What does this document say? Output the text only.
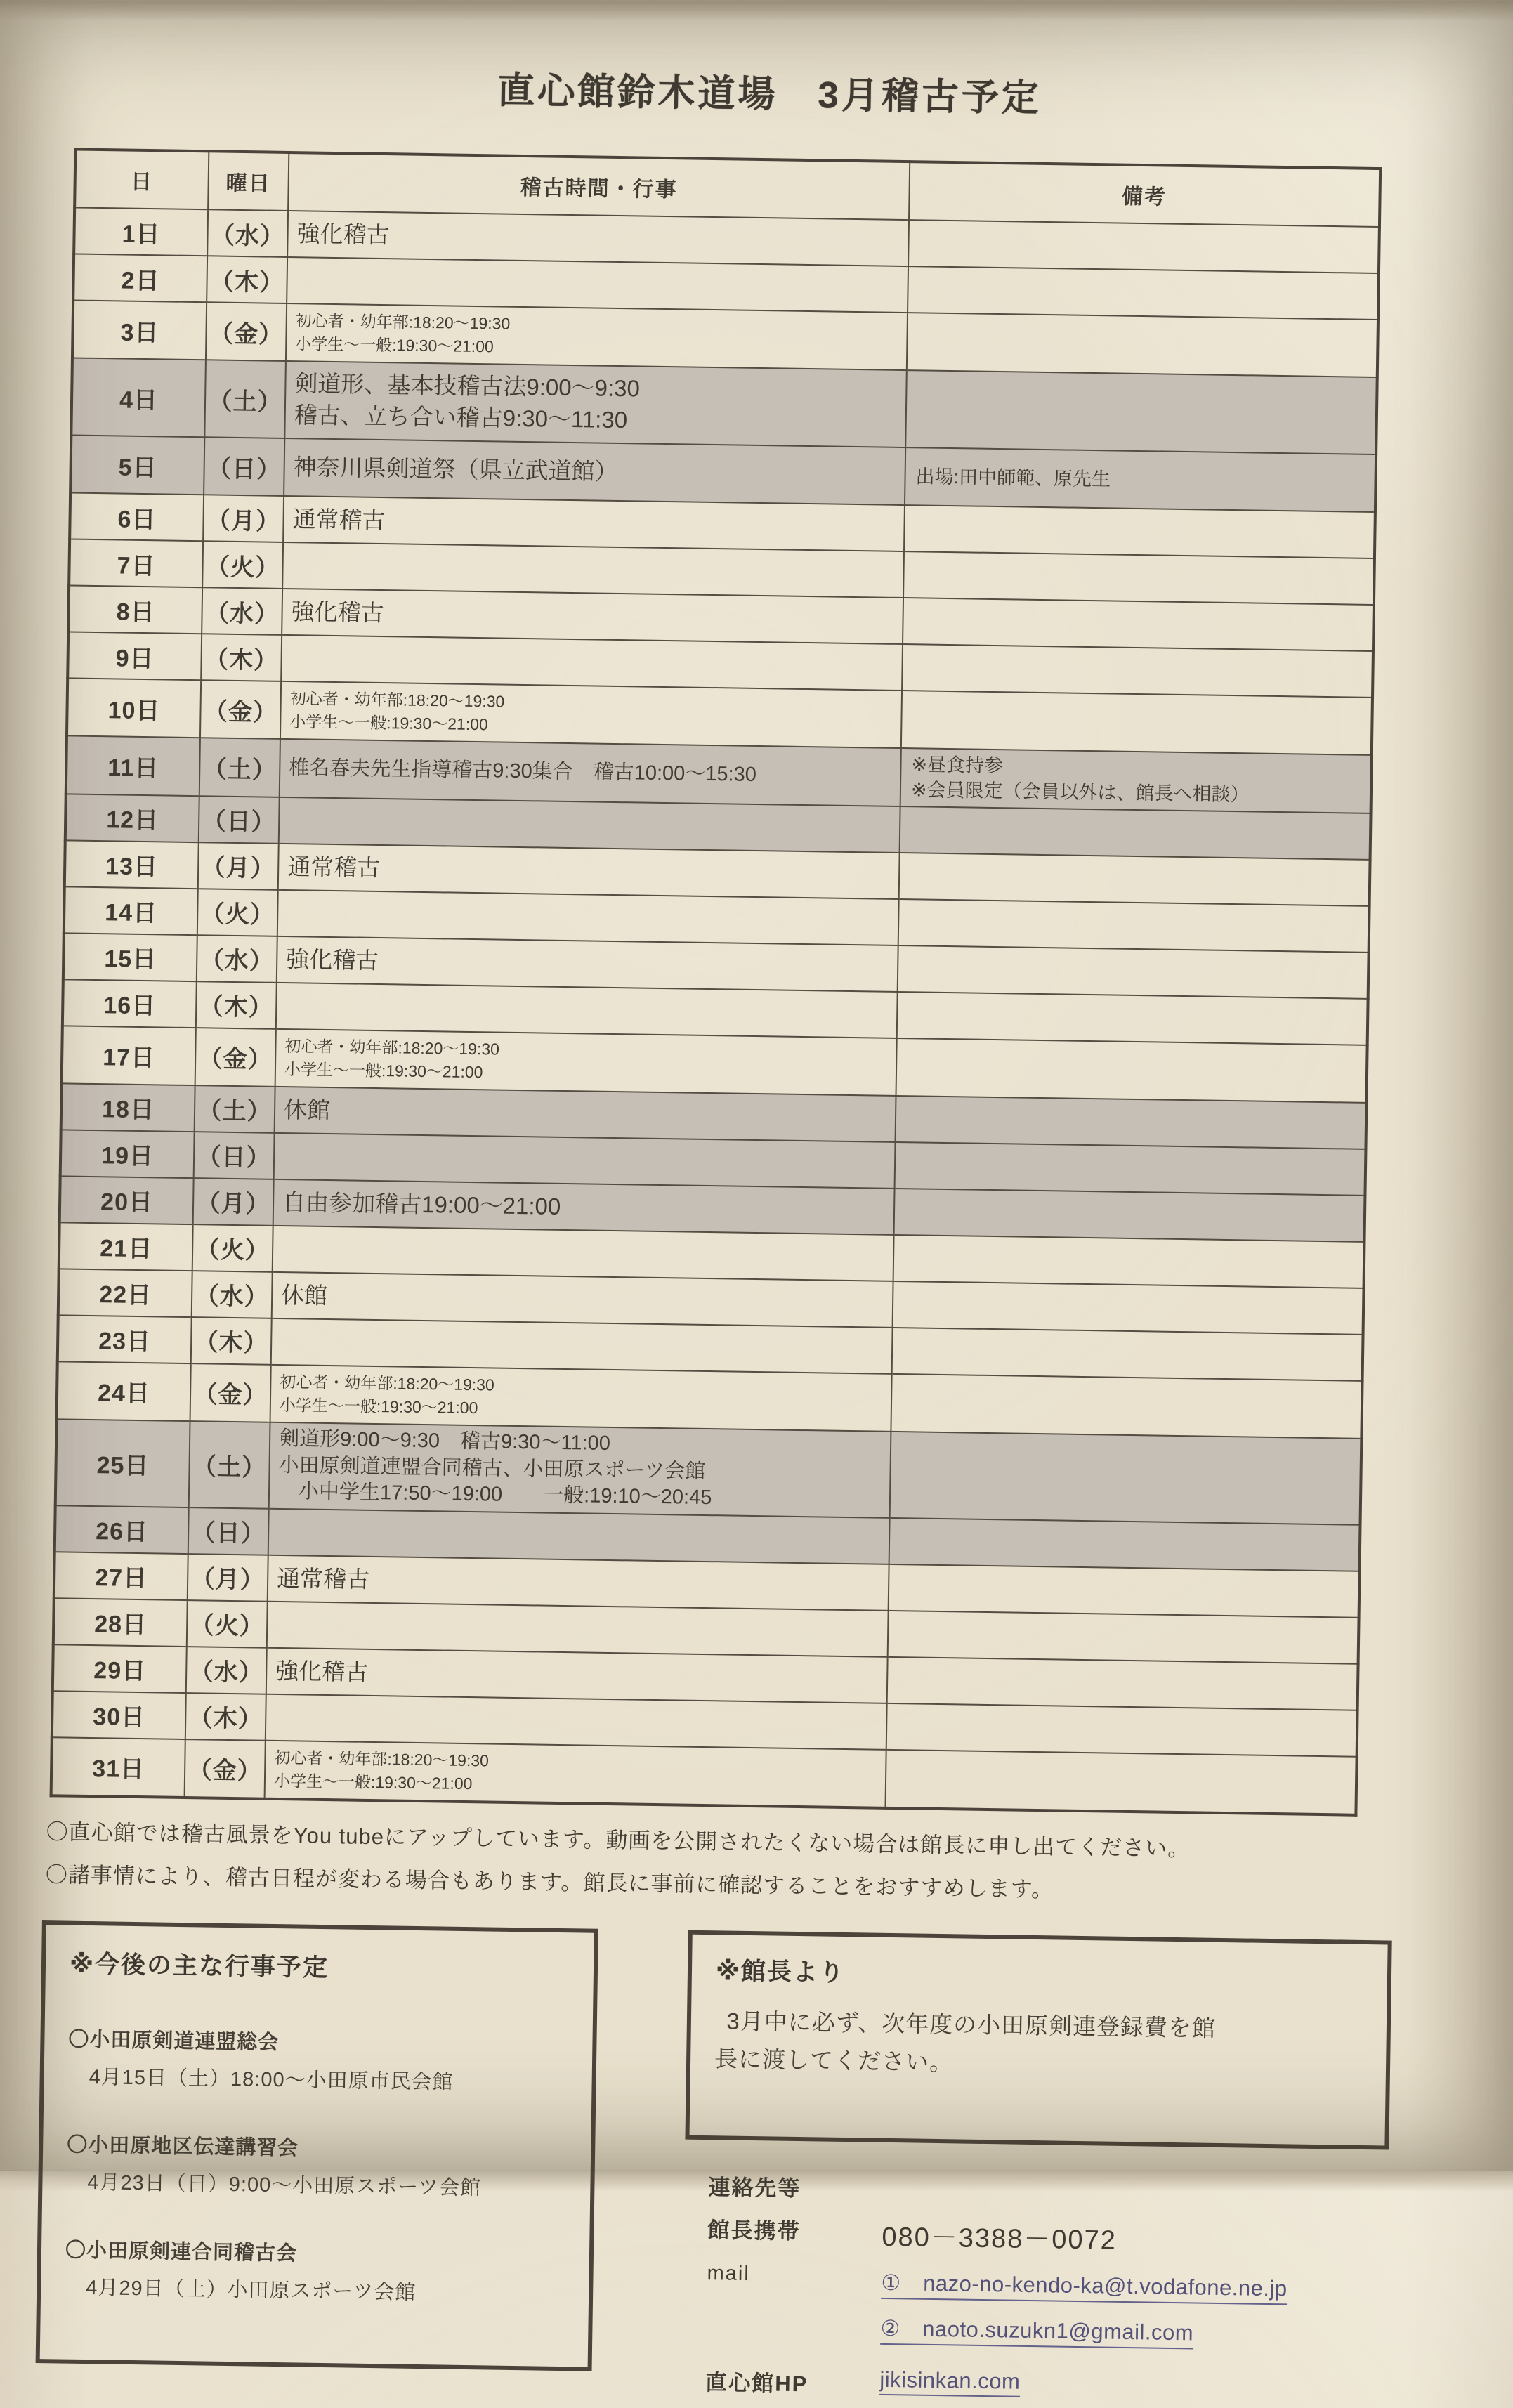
直心館鈴木道場　3月稽古予定
日	曜日	稽古時間・行事	備考
1日	（水）	強化稽古	

2日	（木）		
3日	（金）	初心者・幼年部:18:20～19:30
小学生～一般:19:30～21:00	

4日	（土）	剣道形、基本技稽古法9:00～9:30
稽古、立ち合い稽古9:30～11:30	

5日	（日）	神奈川県剣道祭（県立武道館）	出場:田中師範、原先生

6日	（月）	通常稽古	

7日	（火）		
8日	（水）	強化稽古	

9日	（木）		
10日	（金）	初心者・幼年部:18:20～19:30
小学生～一般:19:30～21:00	

11日	（土）	椎名春夫先生指導稽古9:30集合　稽古10:00～15:30	※昼食持参
※会員限定（会員以外は、館長へ相談）

12日	（日）		
13日	（月）	通常稽古	

14日	（火）		
15日	（水）	強化稽古	

16日	（木）		
17日	（金）	初心者・幼年部:18:20～19:30
小学生～一般:19:30～21:00	

18日	（土）	休館	

19日	（日）		
20日	（月）	自由参加稽古19:00～21:00	

21日	（火）		
22日	（水）	休館	

23日	（木）		
24日	（金）	初心者・幼年部:18:20～19:30
小学生～一般:19:30～21:00	

25日	（土）	剣道形9:00～9:30　稽古9:30～11:00
小田原剣道連盟合同稽古、小田原スポーツ会館
　小中学生17:50～19:00　　一般:19:10～20:45	

26日	（日）		
27日	（月）	通常稽古	

28日	（火）		
29日	（水）	強化稽古	

30日	（木）		
31日	（金）	初心者・幼年部:18:20～19:30
小学生～一般:19:30～21:00	

〇直心館では稽古風景をYou tubeにアップしています。動画を公開されたくない場合は館長に申し出てください。

〇諸事情により、稽古日程が変わる場合もあります。館長に事前に確認することをおすすめします。

※今後の主な行事予定
〇小田原剣道連盟総会
4月15日（土）18:00～小田原市民会館
〇小田原地区伝達講習会
4月23日（日）9:00～小田原スポーツ会館
〇小田原剣連合同稽古会
4月29日（土）小田原スポーツ会館
※館長より

3月中に必ず、次年度の小田原剣連登録費を館長に渡してください。

連絡先等
館長携帯	080－3388－0072
mail	①　nazo-no-kendo-ka@t.vodafone.ne.jp
②　naoto.suzukn1@gmail.com

直心館HP	jikisinkan.com
